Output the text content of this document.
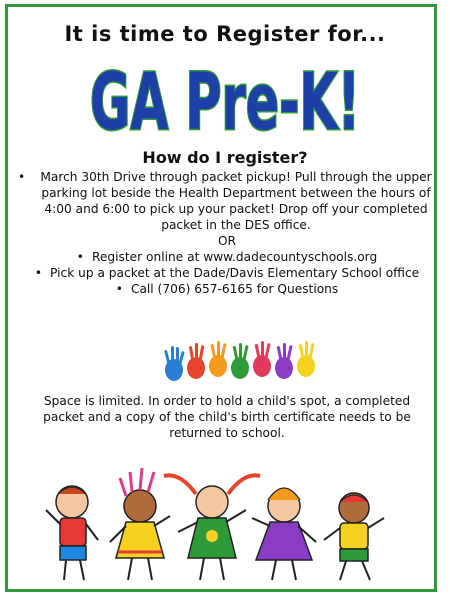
It is time to Register for...
GA Pre-K!
How do I register?
•	March 30th Drive through packet pickup! Pull through the upper parking lot beside the Health Department between the hours of 4:00 and 6:00 to pick up your packet! Drop off your completed packet in the DES office.
OR
• Register online at www.dadecountyschools.org
• Pick up a packet at the Dade/Davis Elementary School office
• Call (706) 657-6165 for Questions
Space is limited. In order to hold a child's spot, a completed packet and a copy of the child's birth certificate needs to be returned to school.
